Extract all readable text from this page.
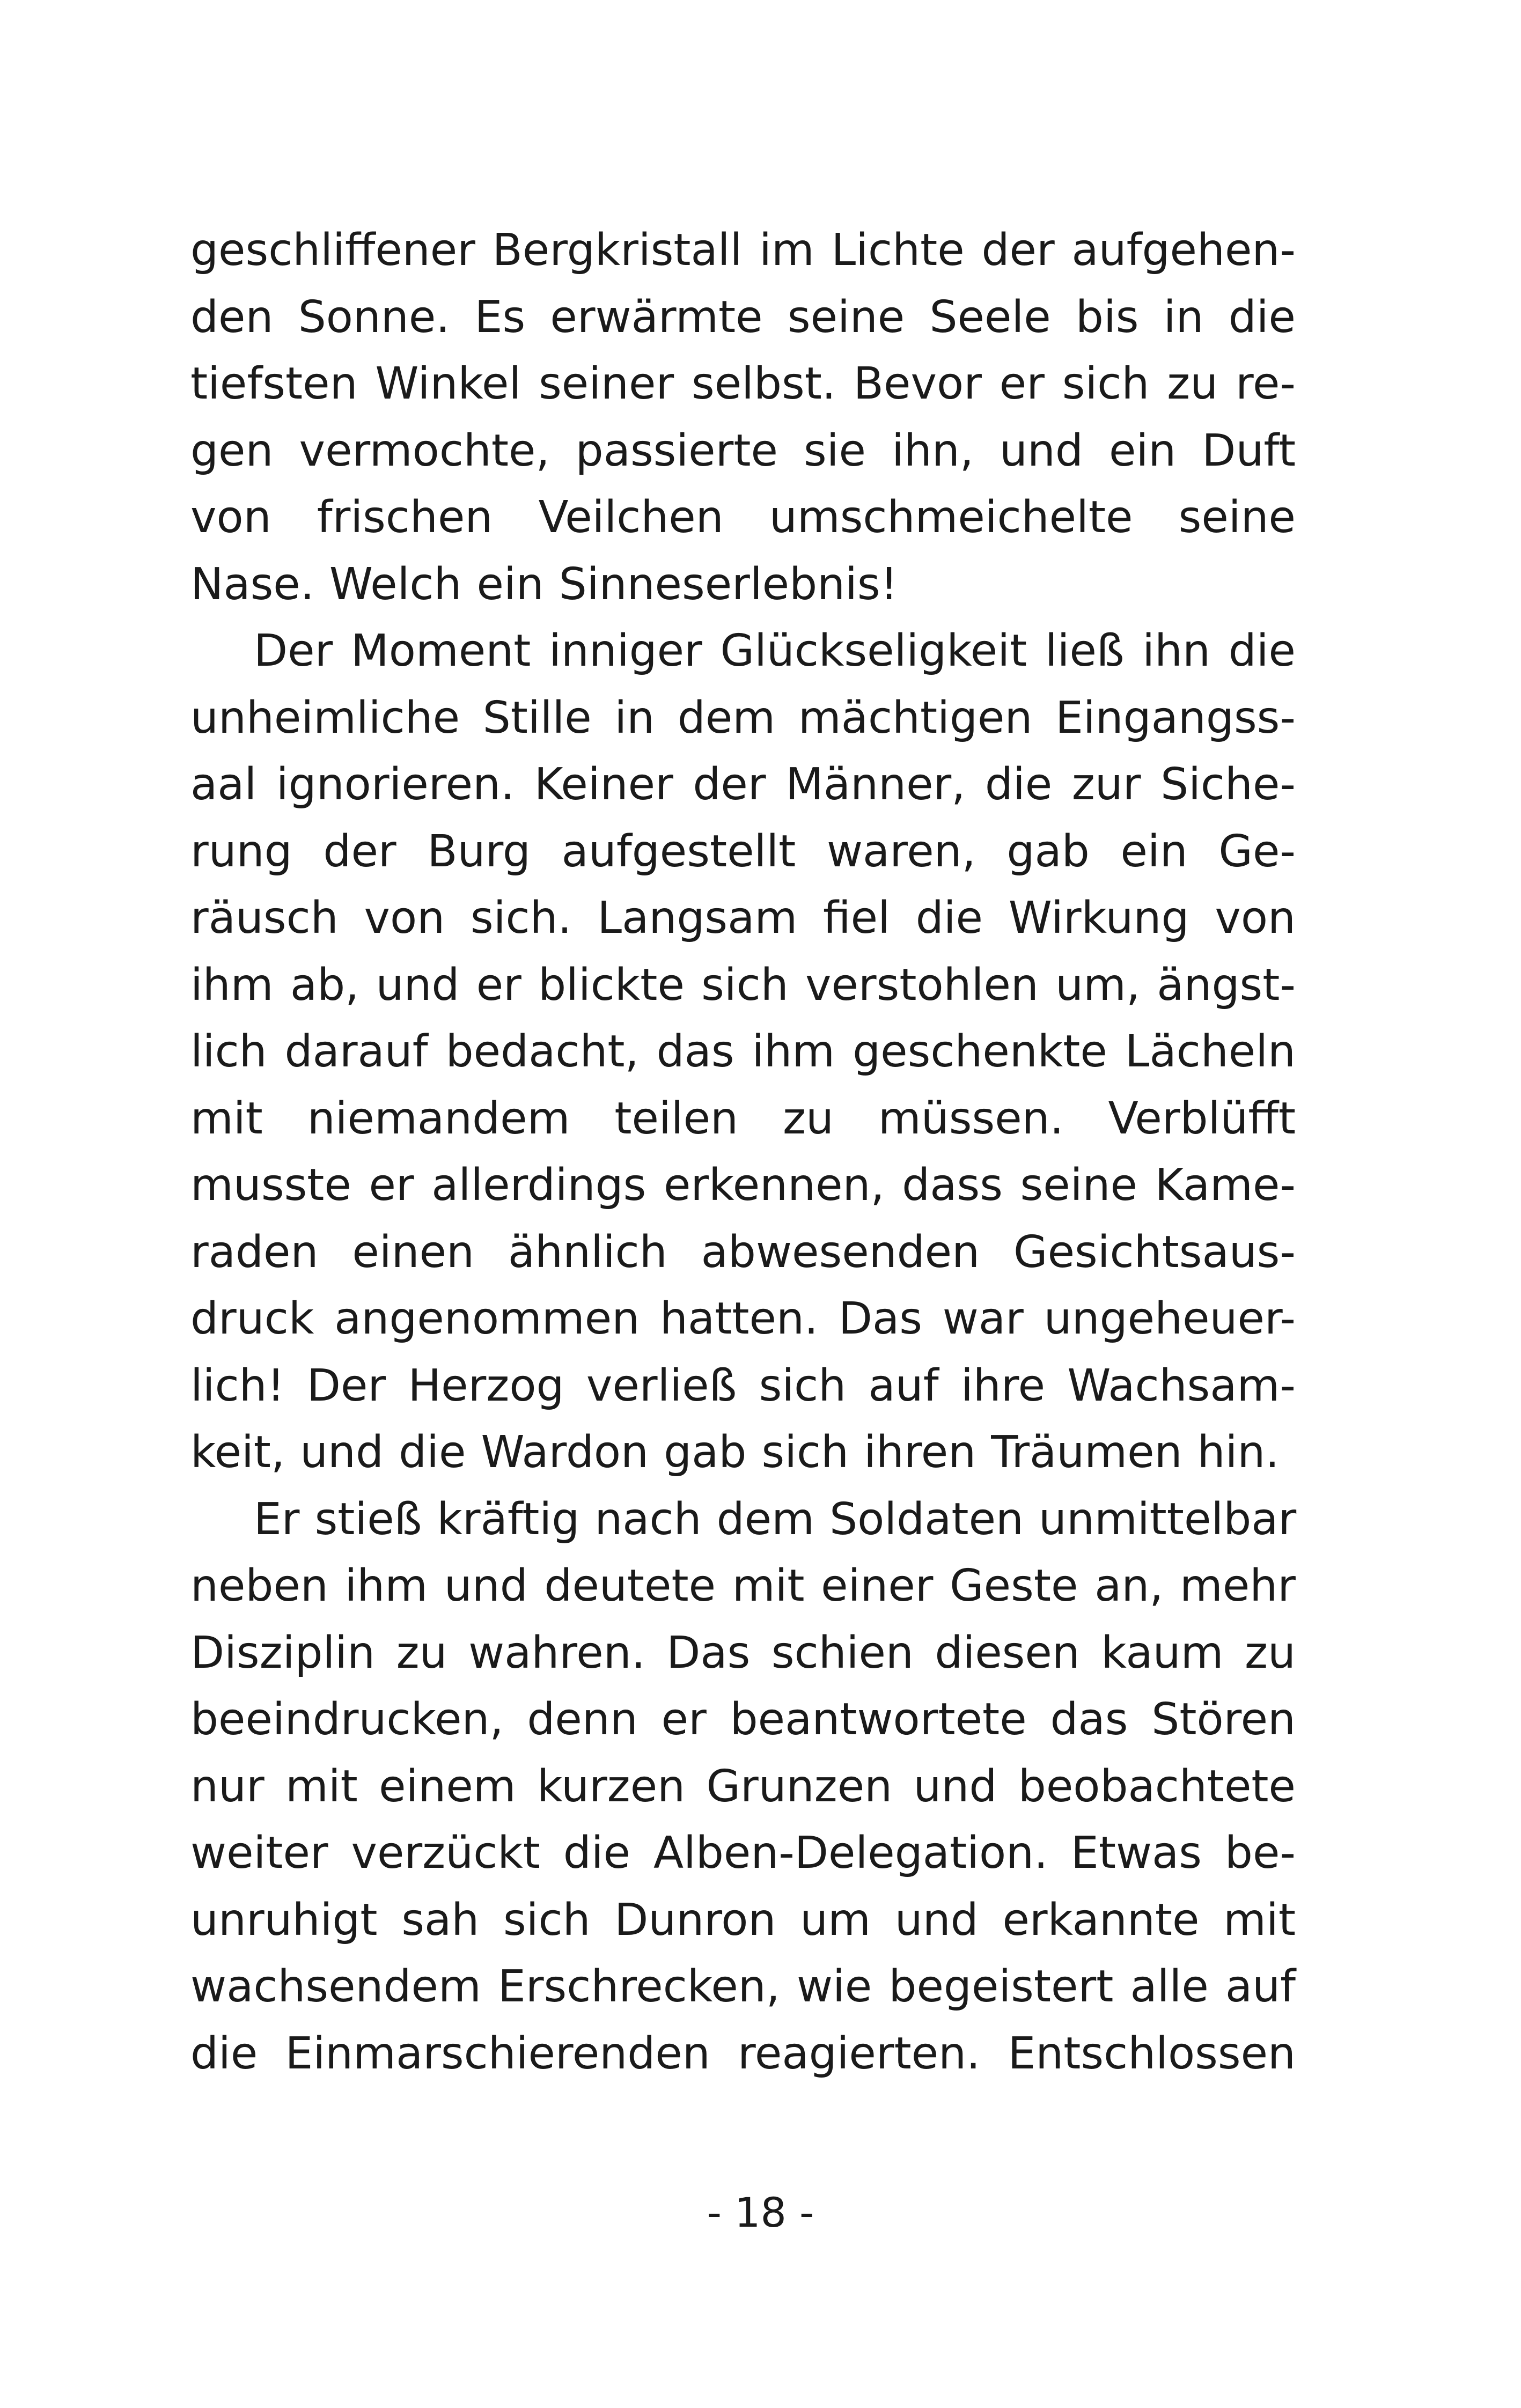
geschliffener Bergkristall im Lichte der aufgehen-
den Sonne. Es erwärmte seine Seele bis in die
tiefsten Winkel seiner selbst. Bevor er sich zu re-
gen vermochte, passierte sie ihn, und ein Duft
von frischen Veilchen umschmeichelte seine
Nase. Welch ein Sinneserlebnis!
Der Moment inniger Glückseligkeit ließ ihn die
unheimliche Stille in dem mächtigen Eingangss-
aal ignorieren. Keiner der Männer, die zur Siche-
rung der Burg aufgestellt waren, gab ein Ge-
räusch von sich. Langsam fiel die Wirkung von
ihm ab, und er blickte sich verstohlen um, ängst-
lich darauf bedacht, das ihm geschenkte Lächeln
mit niemandem teilen zu müssen. Verblüfft
musste er allerdings erkennen, dass seine Kame-
raden einen ähnlich abwesenden Gesichtsaus-
druck angenommen hatten. Das war ungeheuer-
lich! Der Herzog verließ sich auf ihre Wachsam-
keit, und die Wardon gab sich ihren Träumen hin.
Er stieß kräftig nach dem Soldaten unmittelbar
neben ihm und deutete mit einer Geste an, mehr
Disziplin zu wahren. Das schien diesen kaum zu
beeindrucken, denn er beantwortete das Stören
nur mit einem kurzen Grunzen und beobachtete
weiter verzückt die Alben-Delegation. Etwas be-
unruhigt sah sich Dunron um und erkannte mit
wachsendem Erschrecken, wie begeistert alle auf
die Einmarschierenden reagierten. Entschlossen
- 18 -
